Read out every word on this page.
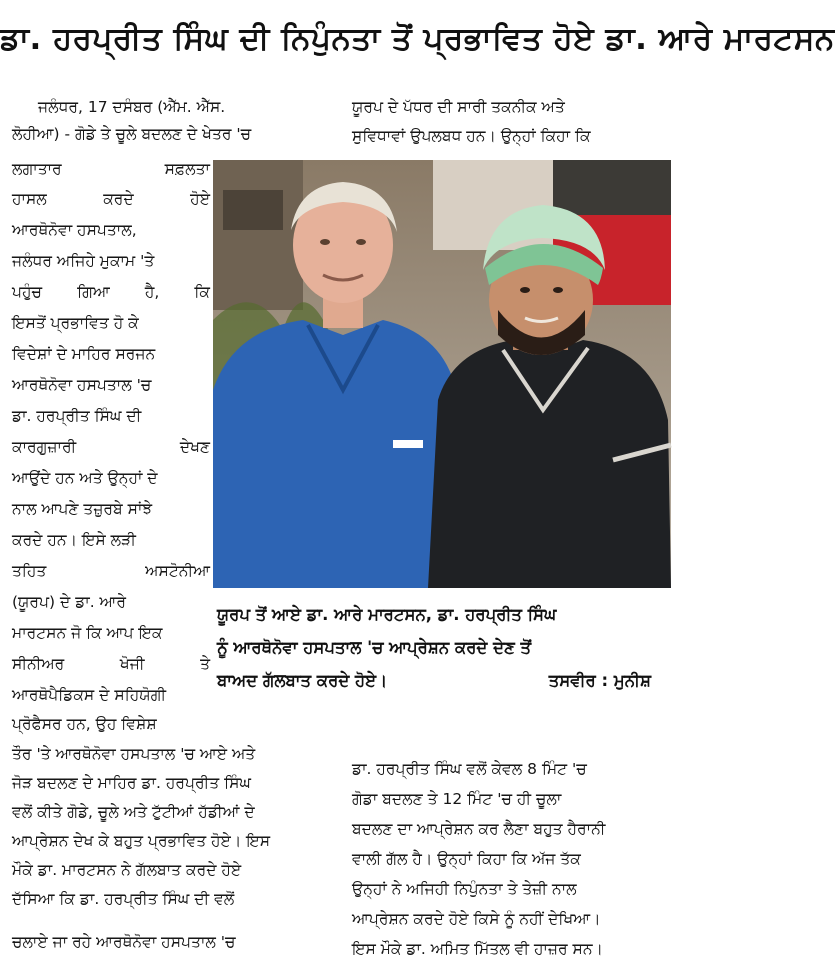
ਡਾ. ਹਰਪ੍ਰੀਤ ਸਿੰਘ ਦੀ ਨਿਪੁੰਨਤਾ ਤੋਂ ਪ੍ਰਭਾਵਿਤ ਹੋਏ ਡਾ. ਆਰੇ ਮਾਰਟਸਨ
ਜਲੰਧਰ, 17 ਦਸੰਬਰ (ਐੱਮ. ਐੱਸ.
ਲੋਹੀਆ) - ਗੋਡੇ ਤੇ ਚੂਲੇ ਬਦਲਣ ਦੇ ਖੇਤਰ 'ਚ
ਲਗਾਤਾਰ ਸਫ਼ਲਤਾ
ਹਾਸਲ ਕਰਦੇ ਹੋਏ
ਆਰਥੋਨੋਵਾ ਹਸਪਤਾਲ,
ਜਲੰਧਰ ਅਜਿਹੇ ਮੁਕਾਮ 'ਤੇ
ਪਹੁੰਚ ਗਿਆ ਹੈ, ਕਿ
ਇਸਤੋਂ ਪ੍ਰਭਾਵਿਤ ਹੋ ਕੇ
ਵਿਦੇਸ਼ਾਂ ਦੇ ਮਾਹਿਰ ਸਰਜਨ
ਆਰਥੋਨੋਵਾ ਹਸਪਤਾਲ 'ਚ
ਡਾ. ਹਰਪ੍ਰੀਤ ਸਿੰਘ ਦੀ
ਕਾਰਗੁਜ਼ਾਰੀ ਦੇਖਣ
ਆਉਂਦੇ ਹਨ ਅਤੇ ਉਨ੍ਹਾਂ ਦੇ
ਨਾਲ ਆਪਣੇ ਤਜ਼ੁਰਬੇ ਸਾਂਝੇ
ਕਰਦੇ ਹਨ। ਇਸੇ ਲੜੀ
ਤਹਿਤ ਅਸਟੋਨੀਆ
(ਯੂਰਪ) ਦੇ ਡਾ. ਆਰੇ
ਮਾਰਟਸਨ ਜੋ ਕਿ ਆਪ ਇਕ
ਸੀਨੀਅਰ ਖੋਜੀ ਤੇ
ਆਰਥੋਪੈਡਿਕਸ ਦੇ ਸਹਿਯੋਗੀ
ਪ੍ਰੋਫੈਸਰ ਹਨ, ਉਹ ਵਿਸ਼ੇਸ਼
ਤੌਰ 'ਤੇ ਆਰਥੋਨੋਵਾ ਹਸਪਤਾਲ 'ਚ ਆਏ ਅਤੇ
ਜੋੜ ਬਦਲਣ ਦੇ ਮਾਹਿਰ ਡਾ. ਹਰਪ੍ਰੀਤ ਸਿੰਘ
ਵਲੋਂ ਕੀਤੇ ਗੋਡੇ, ਚੂਲੇ ਅਤੇ ਟੁੱਟੀਆਂ ਹੱਡੀਆਂ ਦੇ
ਆਪ੍ਰੇਸ਼ਨ ਦੇਖ ਕੇ ਬਹੁਤ ਪ੍ਰਭਾਵਿਤ ਹੋਏ। ਇਸ
ਮੌਕੇ ਡਾ. ਮਾਰਟਸਨ ਨੇ ਗੱਲਬਾਤ ਕਰਦੇ ਹੋਏ
ਦੱਸਿਆ ਕਿ ਡਾ. ਹਰਪ੍ਰੀਤ ਸਿੰਘ ਦੀ ਵਲੋਂ
ਚਲਾਏ ਜਾ ਰਹੇ ਆਰਥੋਨੋਵਾ ਹਸਪਤਾਲ 'ਚ
ਯੂਰਪ ਦੇ ਪੱਧਰ ਦੀ ਸਾਰੀ ਤਕਨੀਕ ਅਤੇ
ਸੁਵਿਧਾਵਾਂ ਉਪਲਬਧ ਹਨ। ਉਨ੍ਹਾਂ ਕਿਹਾ ਕਿ
ਯੂਰਪ ਤੋਂ ਆਏ ਡਾ. ਆਰੇ ਮਾਰਟਸਨ, ਡਾ. ਹਰਪ੍ਰੀਤ ਸਿੰਘ
ਨੂੰ ਆਰਥੋਨੋਵਾ ਹਸਪਤਾਲ 'ਚ ਆਪ੍ਰੇਸ਼ਨ ਕਰਦੇ ਦੇਣ ਤੋਂ
ਬਾਅਦ ਗੱਲਬਾਤ ਕਰਦੇ ਹੋਏ।	ਤਸਵੀਰ : ਮੁਨੀਸ਼
ਡਾ. ਹਰਪ੍ਰੀਤ ਸਿੰਘ ਵਲੋਂ ਕੇਵਲ 8 ਮਿੰਟ 'ਚ
ਗੋਡਾ ਬਦਲਣ ਤੇ 12 ਮਿੰਟ 'ਚ ਹੀ ਚੂਲਾ
ਬਦਲਣ ਦਾ ਆਪ੍ਰੇਸ਼ਨ ਕਰ ਲੈਣਾ ਬਹੁਤ ਹੈਰਾਨੀ
ਵਾਲੀ ਗੱਲ ਹੈ। ਉਨ੍ਹਾਂ ਕਿਹਾ ਕਿ ਅੱਜ ਤੱਕ
ਉਨ੍ਹਾਂ ਨੇ ਅਜਿਹੀ ਨਿਪੁੰਨਤਾ ਤੇ ਤੇਜ਼ੀ ਨਾਲ
ਆਪ੍ਰੇਸ਼ਨ ਕਰਦੇ ਹੋਏ ਕਿਸੇ ਨੂੰ ਨਹੀਂ ਦੇਖਿਆ।
ਇਸ ਮੌਕੇ ਡਾ. ਅਮਿਤ ਮਿੱਤਲ ਵੀ ਹਾਜ਼ਰ ਸਨ।
